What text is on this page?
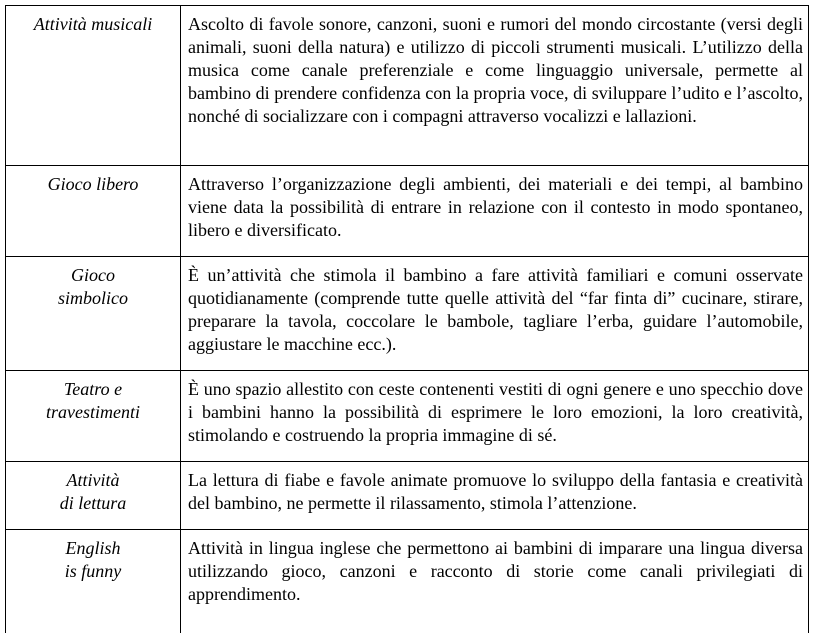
Attività musicali	Ascolto di favole sonore, canzoni, suoni e rumori del mondo circostante (versi degli animali, suoni della natura) e utilizzo di piccoli strumenti musicali. L’utilizzo della musica come canale preferenziale e come linguaggio universale, permette al bambino di prendere confidenza con la propria voce, di sviluppare l’udito e l’ascolto, nonché di socializzare con i compagni attraverso vocalizzi e lallazioni.

Gioco libero	Attraverso l’organizzazione degli ambienti, dei materiali e dei tempi, al bambino viene data la possibilità di entrare in relazione con il contesto in modo spontaneo, libero e diversificato.

Gioco
simbolico	È un’attività che stimola il bambino a fare attività familiari e comuni osservate quotidianamente (comprende tutte quelle attività del “far finta di” cucinare, stirare, preparare la tavola, coccolare le bambole, tagliare l’erba, guidare l’automobile, aggiustare le macchine ecc.).

Teatro e
travestimenti	È uno spazio allestito con ceste contenenti vestiti di ogni genere e uno specchio dove i bambini hanno la possibilità di esprimere le loro emozioni, la loro creatività, stimolando e costruendo la propria immagine di sé.

Attività
di lettura	La lettura di fiabe e favole animate promuove lo sviluppo della fantasia e creatività del bambino, ne permette il rilassamento, stimola l’attenzione.

English
is funny	Attività in lingua inglese che permettono ai bambini di imparare una lingua diversa utilizzando gioco, canzoni e racconto di storie come canali privilegiati di apprendimento.
